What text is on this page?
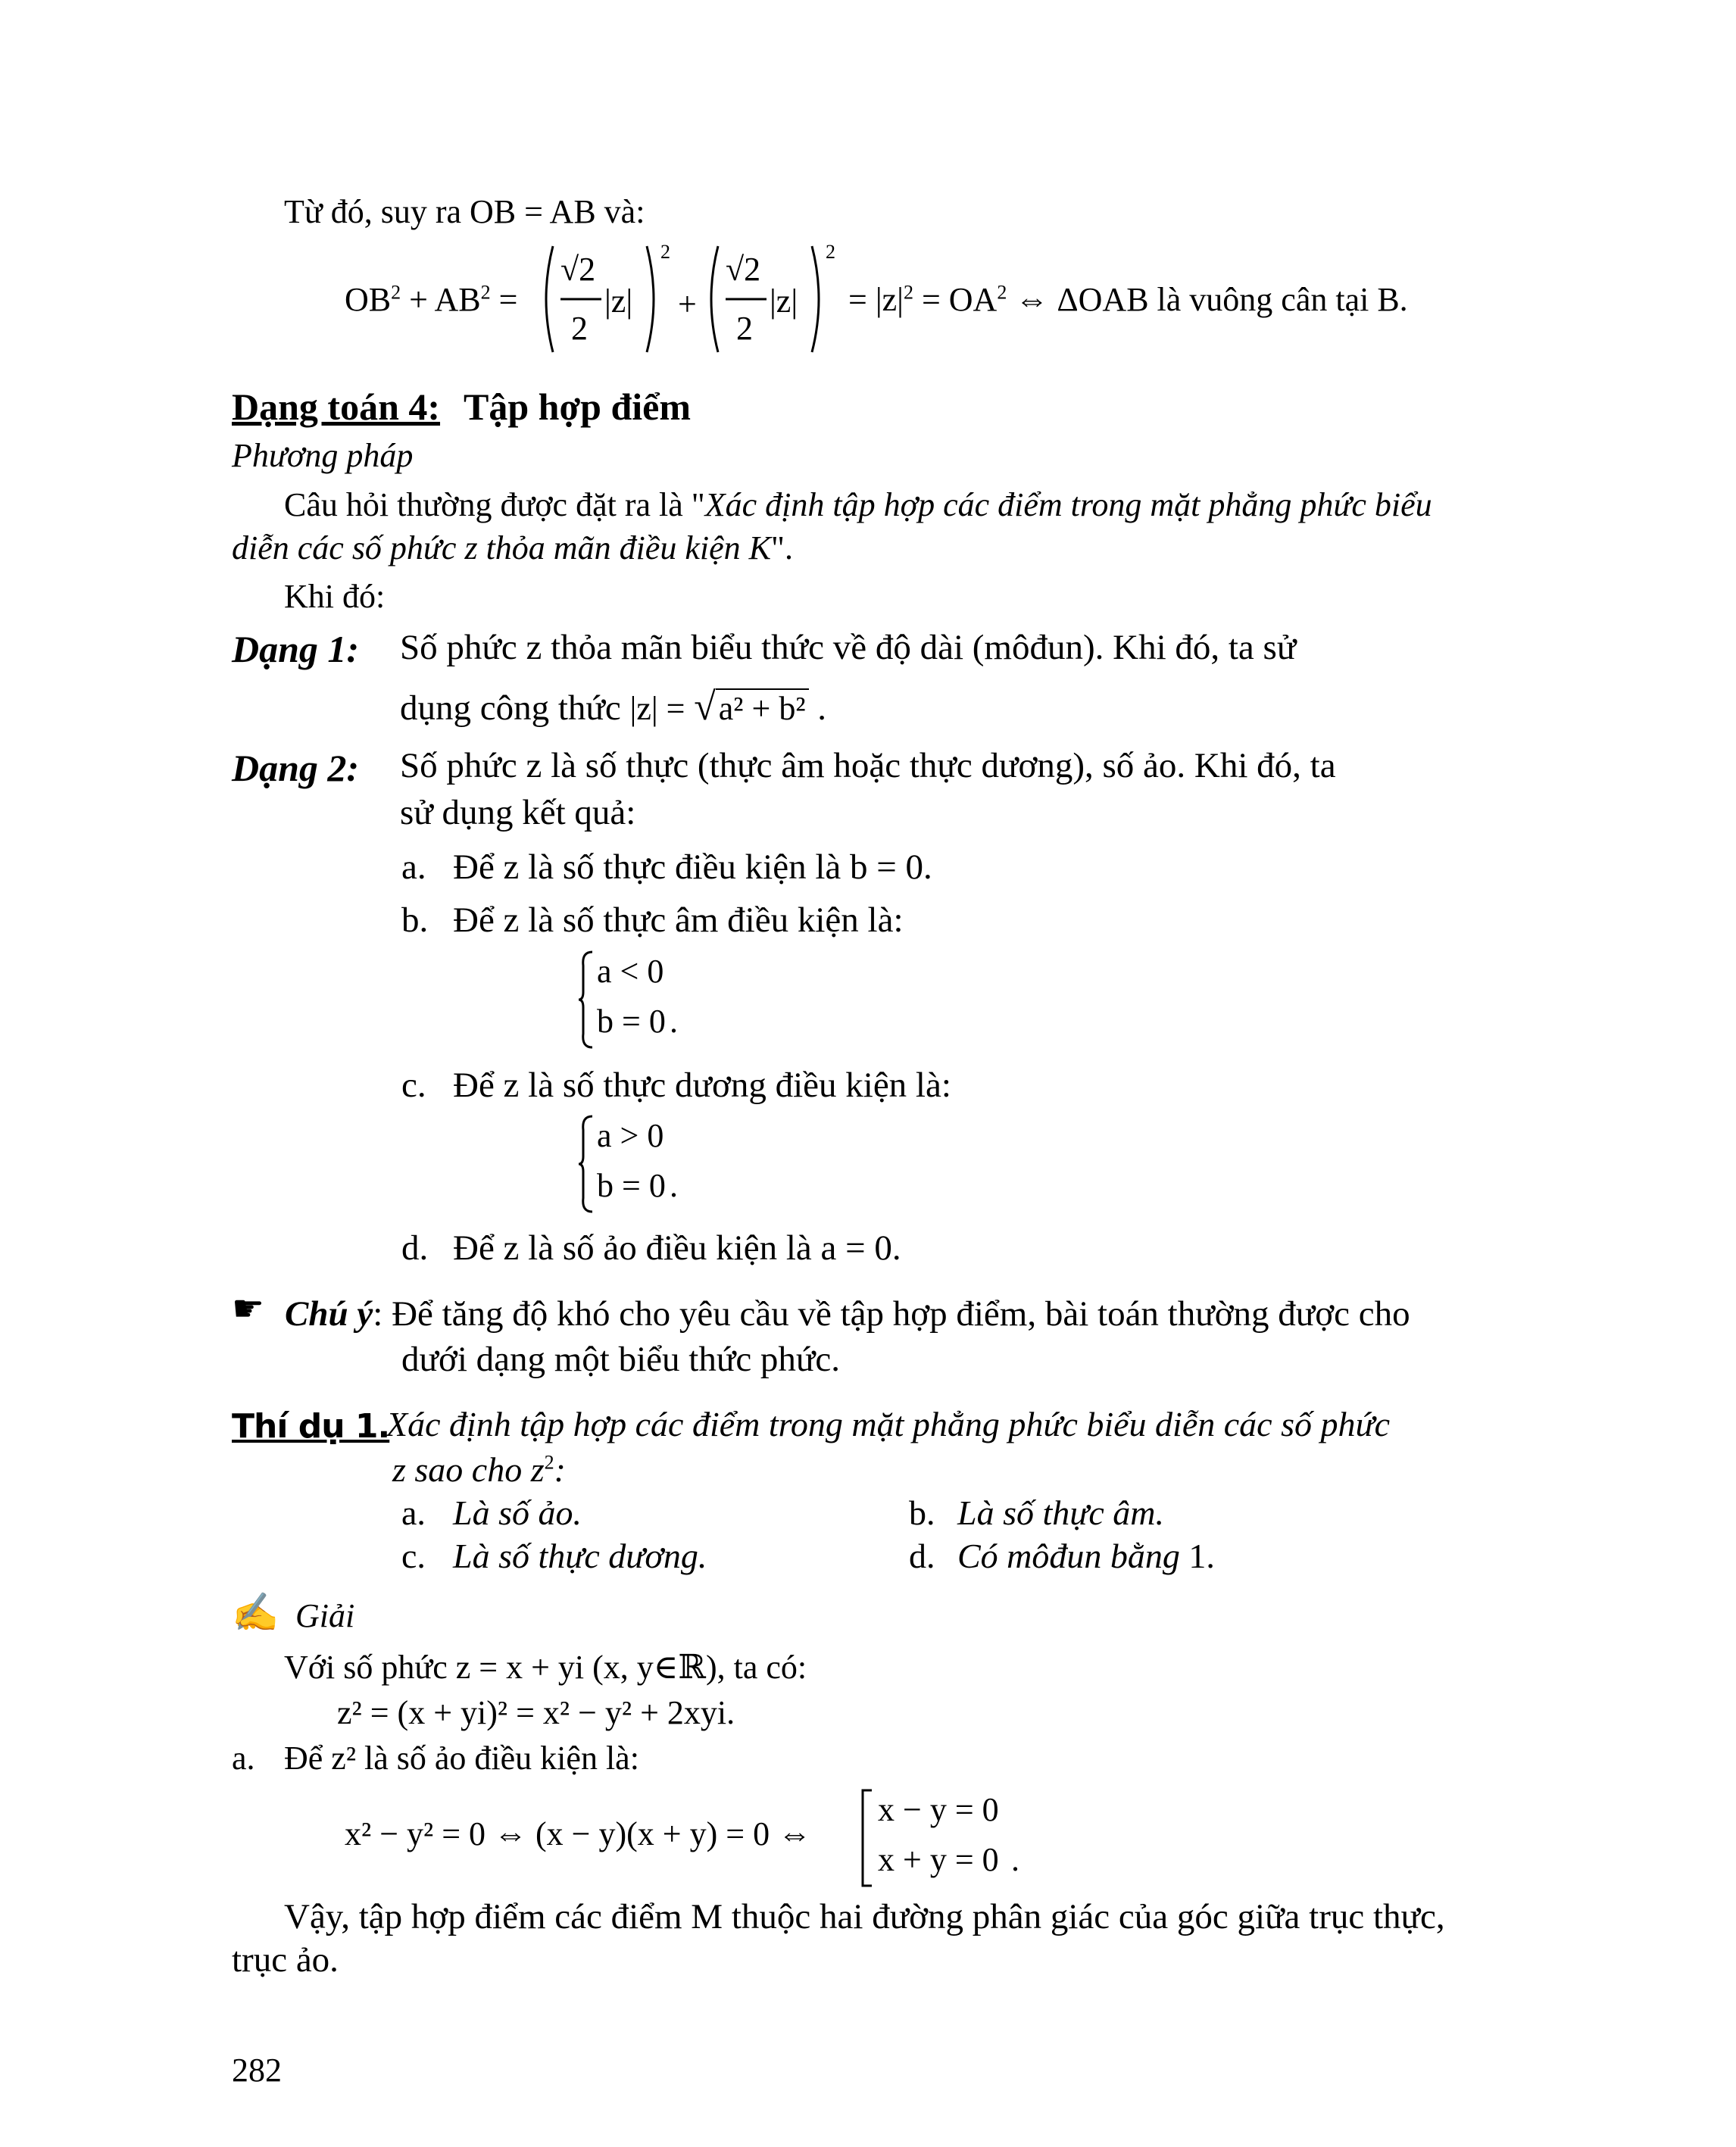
Từ đó, suy ra OB = AB và:
$OB^2 + AB^2$ =
√2
2
|z|
2
+
√2
2
|z|
2
= $|z|^2 = OA^2$ ⇔ ΔOAB là vuông cân tại B.
Dạng toán 4: Tập hợp điểm
Phương pháp
Câu hỏi thường được đặt ra là "Xác định tập hợp các điểm trong mặt phẳng phức biểu
diễn các số phức z thỏa mãn điều kiện K".
Khi đó:
Dạng 1: Số phức z thỏa mãn biểu thức về độ dài (môđun). Khi đó, ta sử
dụng công thức |z| = √a² + b² .
Dạng 2: Số phức z là số thực (thực âm hoặc thực dương), số ảo. Khi đó, ta
sử dụng kết quả:
a. Để z là số thực điều kiện là b = 0.
b. Để z là số thực âm điều kiện là:
a < 0
b = 0 .
c. Để z là số thực dương điều kiện là:
a > 0
b = 0 .
d. Để z là số ảo điều kiện là a = 0.
☛ Chú ý: Để tăng độ khó cho yêu cầu về tập hợp điểm, bài toán thường được cho
dưới dạng một biểu thức phức.
Thí dụ 1.
Xác định tập hợp các điểm trong mặt phẳng phức biểu diễn các số phức
z sao cho $z^2$:
a. Là số ảo.	b. Là số thực âm.
c. Là số thực dương.	d. Có môđun bằng 1.
✍ Giải
Với số phức z = x + yi (x, y∈ℝ), ta có:
z² = (x + yi)² = x² − y² + 2xyi.
a. Để z² là số ảo điều kiện là:
x² − y² = 0 ⇔ (x − y)(x + y) = 0 ⇔
x − y = 0
x + y = 0 .
Vậy, tập hợp điểm các điểm M thuộc hai đường phân giác của góc giữa trục thực,
trục ảo.
282
